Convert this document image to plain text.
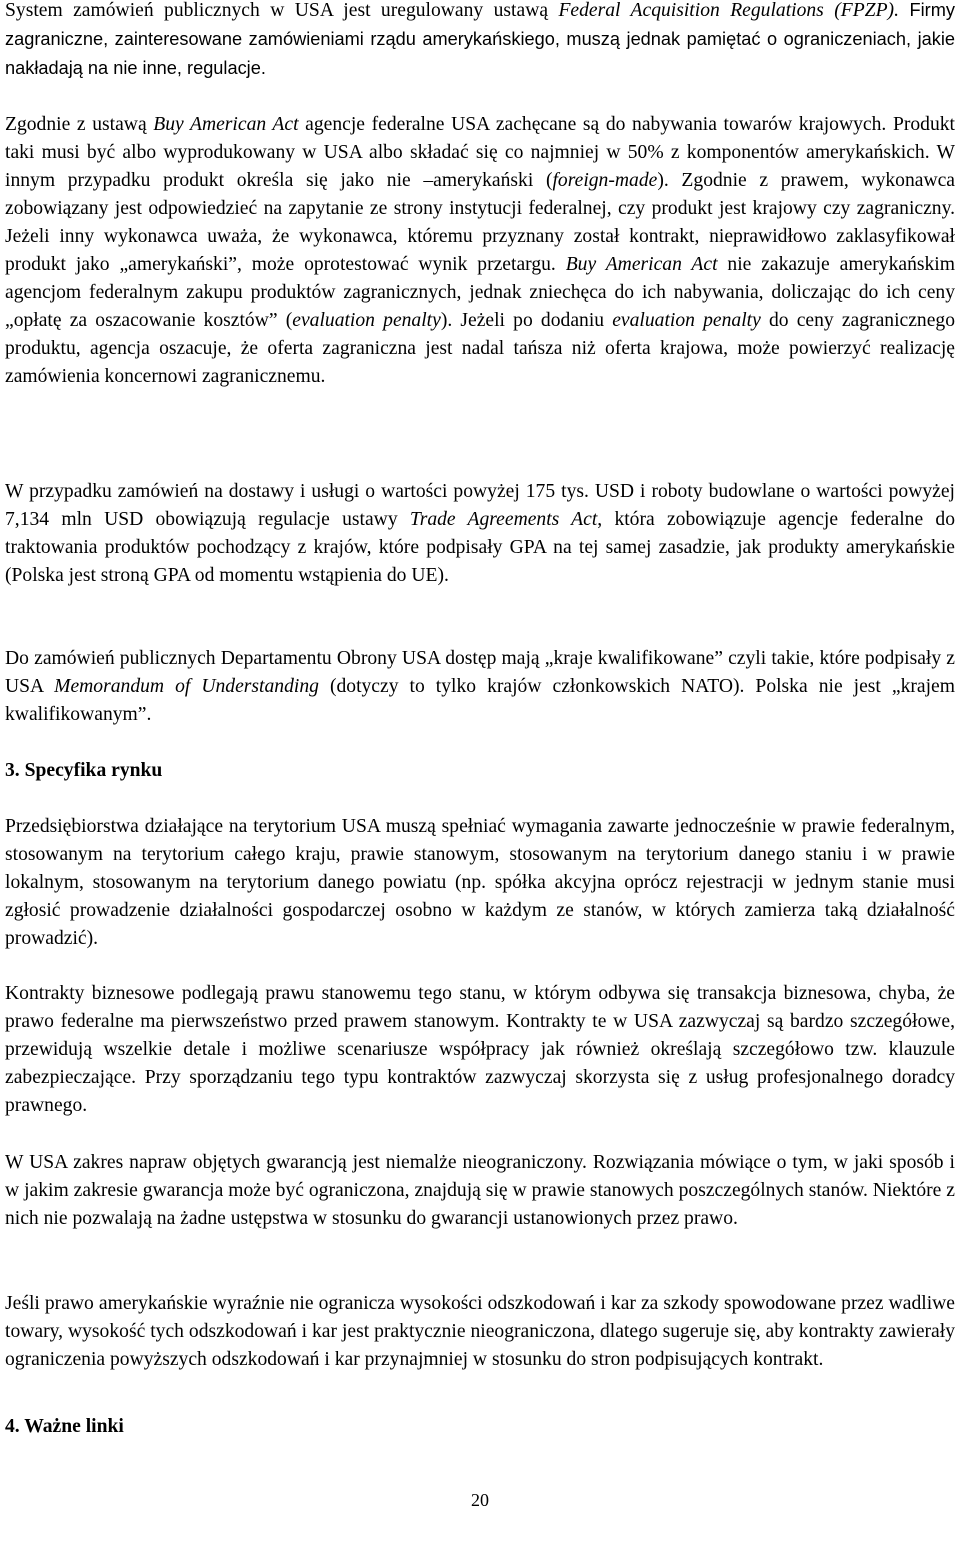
System zamówień publicznych w USA jest uregulowany ustawą Federal Acquisition Regulations (FPZP). Firmy zagraniczne, zainteresowane zamówieniami rządu amerykańskiego, muszą jednak pamiętać o ograniczeniach, jakie nakładają na nie inne, regulacje.

Zgodnie z ustawą Buy American Act agencje federalne USA zachęcane są do nabywania towarów krajowych. Produkt taki musi być albo wyprodukowany w USA albo składać się co najmniej w 50% z komponentów amerykańskich. W innym przypadku produkt określa się jako nie –amerykański (foreign-made). Zgodnie z prawem, wykonawca zobowiązany jest odpowiedzieć na zapytanie ze strony instytucji federalnej, czy produkt jest krajowy czy zagraniczny. Jeżeli inny wykonawca uważa, że wykonawca, któremu przyznany został kontrakt, nieprawidłowo zaklasyfikował produkt jako „amerykański”, może oprotestować wynik przetargu. Buy American Act nie zakazuje amerykańskim agencjom federalnym zakupu produktów zagranicznych, jednak zniechęca do ich nabywania, doliczając do ich ceny „opłatę za oszacowanie kosztów” (evaluation penalty). Jeżeli po dodaniu evaluation penalty do ceny zagranicznego produktu, agencja oszacuje, że oferta zagraniczna jest nadal tańsza niż oferta krajowa, może powierzyć realizację zamówienia koncernowi zagranicznemu.

W przypadku zamówień na dostawy i usługi o wartości powyżej 175 tys. USD i roboty budowlane o wartości powyżej 7,134 mln USD obowiązują regulacje ustawy Trade Agreements Act, która zobowiązuje agencje federalne do traktowania produktów pochodzący z krajów, które podpisały GPA na tej samej zasadzie, jak produkty amerykańskie (Polska jest stroną GPA od momentu wstąpienia do UE).

Do zamówień publicznych Departamentu Obrony USA dostęp mają „kraje kwalifikowane” czyli takie, które podpisały z USA Memorandum of Understanding (dotyczy to tylko krajów członkowskich NATO). Polska nie jest „krajem kwalifikowanym”.

3. Specyfika rynku

Przedsiębiorstwa działające na terytorium USA muszą spełniać wymagania zawarte jednocześnie w prawie federalnym, stosowanym na terytorium całego kraju, prawie stanowym, stosowanym na terytorium danego staniu i w prawie lokalnym, stosowanym na terytorium danego powiatu (np. spółka akcyjna oprócz rejestracji w jednym stanie musi zgłosić prowadzenie działalności gospodarczej osobno w każdym ze stanów, w których zamierza taką działalność prowadzić).

Kontrakty biznesowe podlegają prawu stanowemu tego stanu, w którym odbywa się transakcja biznesowa, chyba, że prawo federalne ma pierwszeństwo przed prawem stanowym. Kontrakty te w USA zazwyczaj są bardzo szczegółowe, przewidują wszelkie detale i możliwe scenariusze współpracy jak również określają szczegółowo tzw. klauzule zabezpieczające. Przy sporządzaniu tego typu kontraktów zazwyczaj skorzysta się z usług profesjonalnego doradcy prawnego.

W USA zakres napraw objętych gwarancją jest niemalże nieograniczony. Rozwiązania mówiące o tym, w jaki sposób i w jakim zakresie gwarancja może być ograniczona, znajdują się w prawie stanowych poszczególnych stanów. Niektóre z nich nie pozwalają na żadne ustępstwa w stosunku do gwarancji ustanowionych przez prawo.

Jeśli prawo amerykańskie wyraźnie nie ogranicza wysokości odszkodowań i kar za szkody spowodowane przez wadliwe towary, wysokość tych odszkodowań i kar jest praktycznie nieograniczona, dlatego sugeruje się, aby kontrakty zawierały ograniczenia powyższych odszkodowań i kar przynajmniej w stosunku do stron podpisujących kontrakt.

4. Ważne linki
20
